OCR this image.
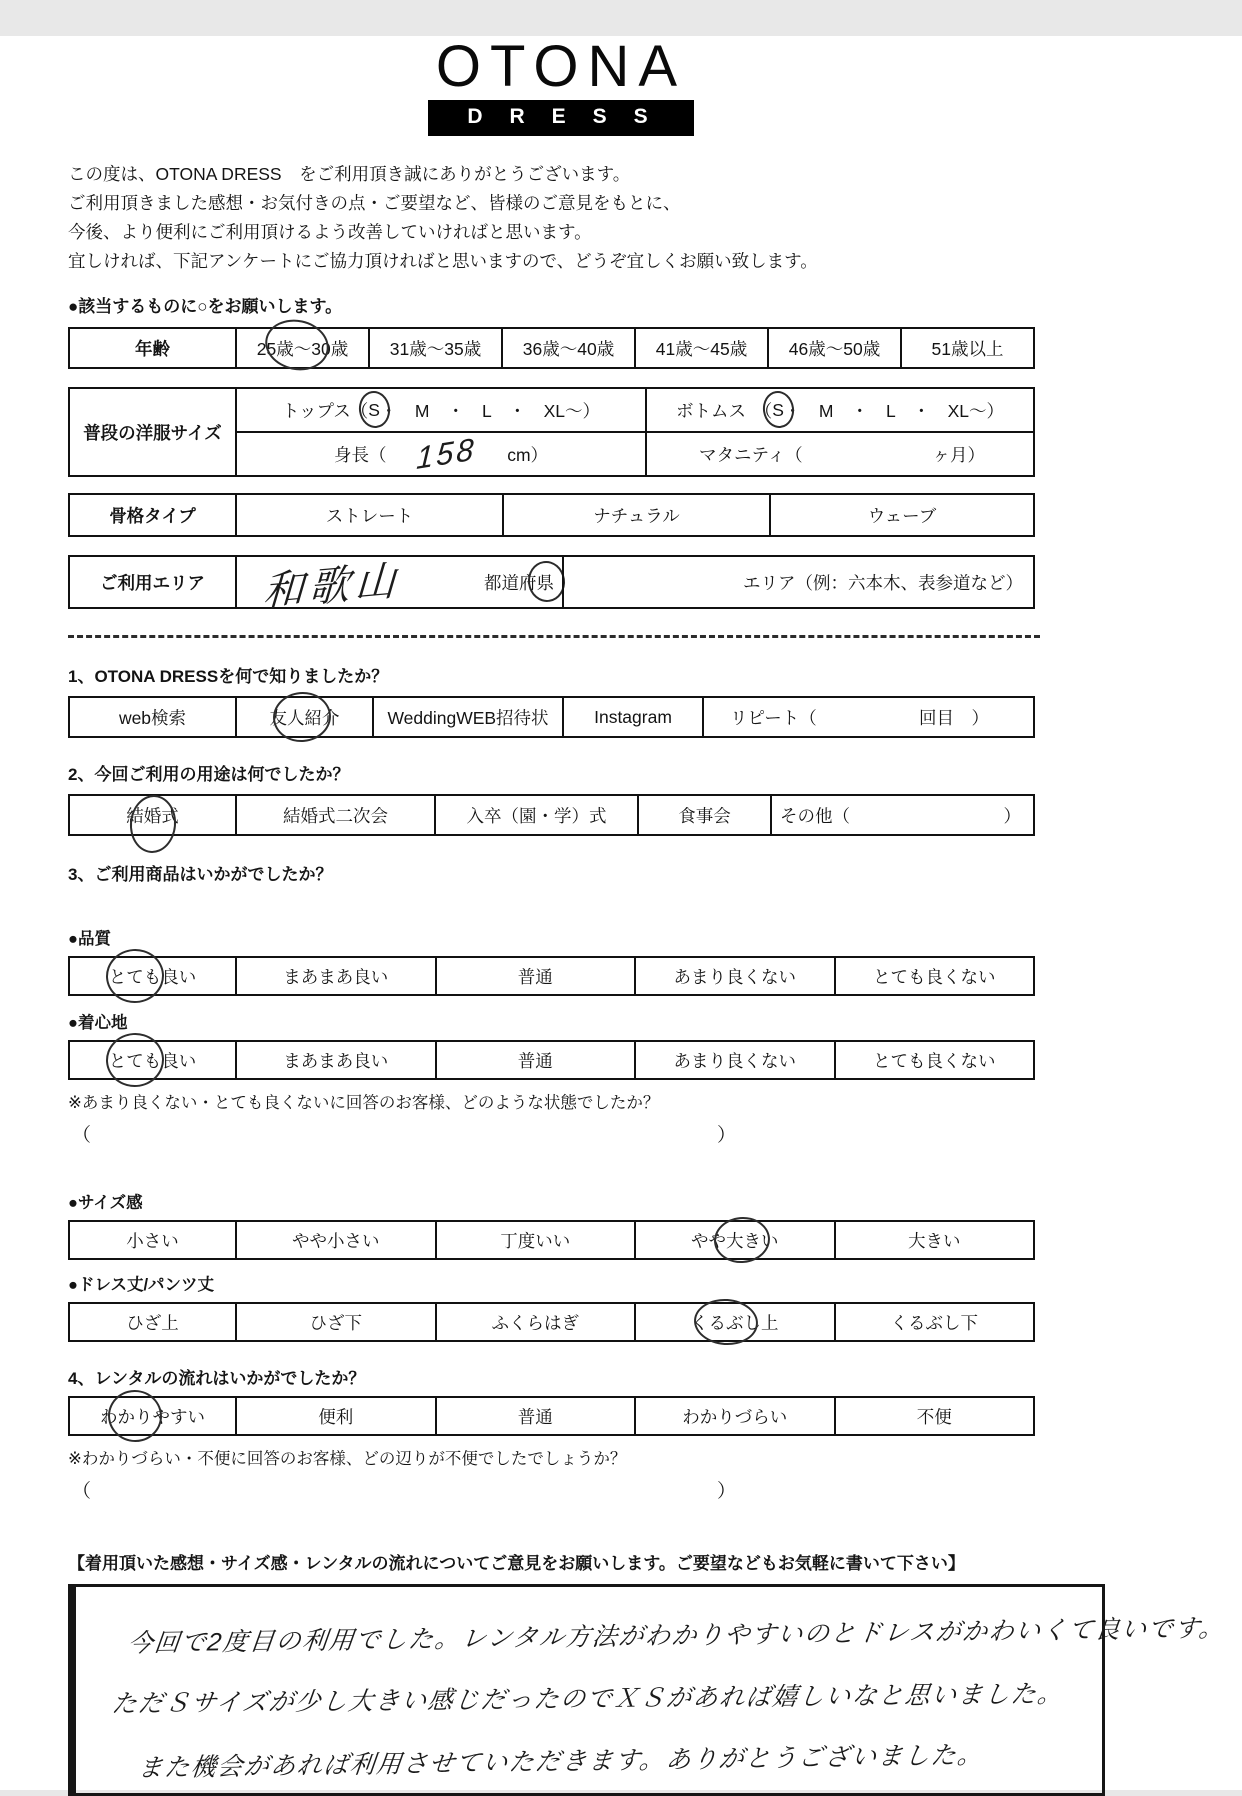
OTONA
DRESS
この度は、OTONA DRESS　をご利用頂き誠にありがとうございます。
ご利用頂きました感想・お気付きの点・ご要望など、皆様のご意見をもとに、
今後、より便利にご利用頂けるよう改善していければと思います。
宜しければ、下記アンケートにご協力頂ければと思いますので、どうぞ宜しくお願い致します。
●該当するものに○をお願いします。
年齢	25歳～30歳 31歳～35歳 36歳～40歳 41歳～45歳 46歳～50歳	51歳以上
普段の洋服サイズ
トップス（ S ・　M　・　L　・　XL～）	ボトムス　（ S ・　M　・　L　・　XL～）
身長（ 158 cm）	マタニティ（	ヶ月）
骨格タイプ	ストレート	ナチュラル	ウェーブ
ご利用エリア	和歌山	都道府県	エリア（例：六本木、表参道など）
1、OTONA DRESSを何で知りましたか？
web検索	友人紹介	WeddingWEB招待状	Instagram	リピート（	回目　）
2、今回ご利用の用途は何でしたか？
結婚式	結婚式二次会	入卒（園・学）式	食事会	その他（	）
3、ご利用商品はいかがでしたか？
●品質
とても良い	まあまあ良い	普通	あまり良くない	とても良くない
●着心地
とても良い	まあまあ良い	普通	あまり良くない	とても良くない
※あまり良くない・とても良くないに回答のお客様、どのような状態でしたか？
（	）
●サイズ感
小さい	やや小さい	丁度いい	やや大きい	大きい
●ドレス丈/パンツ丈
ひざ上	ひざ下	ふくらはぎ	くるぶし上	くるぶし下
4、レンタルの流れはいかがでしたか？
わかりやすい	便利	普通	わかりづらい	不便
※わかりづらい・不便に回答のお客様、どの辺りが不便でしたでしょうか？
（	）
【着用頂いた感想・サイズ感・レンタルの流れについてご意見をお願いします。ご要望などもお気軽に書いて下さい】
今回で2度目の利用でした。レンタル方法がわかりやすいのとドレスがかわいくて良いです。
ただＳサイズが少し大きい感じだったのでＸＳがあれば嬉しいなと思いました。
また機会があれば利用させていただきます。ありがとうございました。
